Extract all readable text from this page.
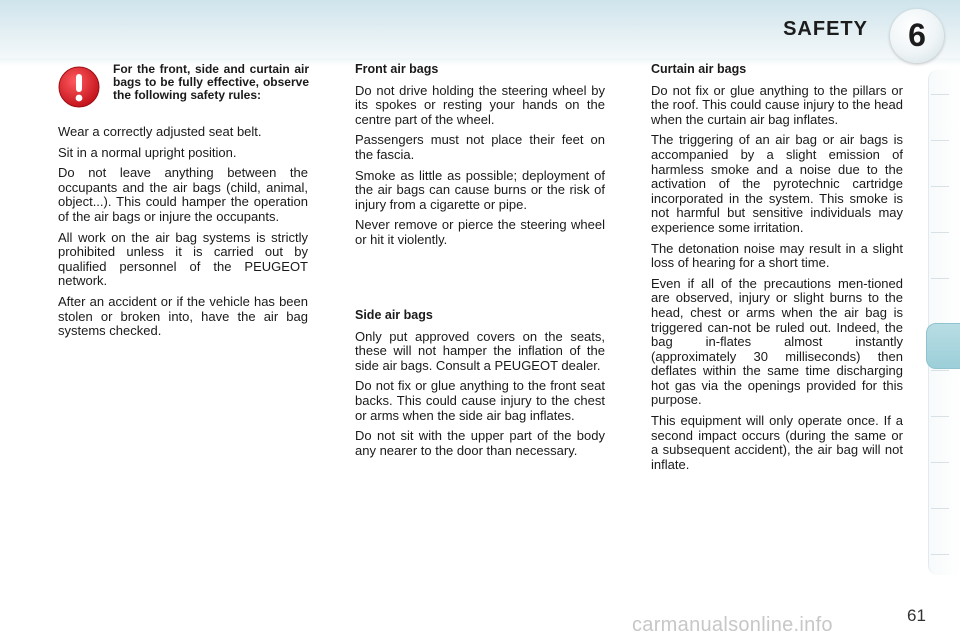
SAFETY	6
For the front, side and curtain air bags to be fully effective, observe the following safety rules:

Wear a correctly adjusted seat belt.

Sit in a normal upright position.

Do not leave anything between the occupants and the air bags (child, animal, object...). This could hamper the operation of the air bags or injure the occupants.

All work on the air bag systems is strictly prohibited unless it is carried out by qualified personnel of the PEUGEOT network.

After an accident or if the vehicle has been stolen or broken into, have the air bag systems checked.

Front air bags

Do not drive holding the steering wheel by its spokes or resting your hands on the centre part of the wheel.

Passengers must not place their feet on the fascia.

Smoke as little as possible; deployment of the air bags can cause burns or the risk of injury from a cigarette or pipe.

Never remove or pierce the steering wheel or hit it violently.

Side air bags

Only put approved covers on the seats, these will not hamper the inflation of the side air bags. Consult a PEUGEOT dealer.

Do not fix or glue anything to the front seat backs. This could cause injury to the chest or arms when the side air bag inflates.

Do not sit with the upper part of the body any nearer to the door than necessary.

Curtain air bags

Do not fix or glue anything to the pillars or the roof. This could cause injury to the head when the curtain air bag inflates.

The triggering of an air bag or air bags is accompanied by a slight emission of harmless smoke and a noise due to the activation of the pyrotechnic cartridge incorporated in the system. This smoke is not harmful but sensitive individuals may experience some irritation.

The detonation noise may result in a slight loss of hearing for a short time.

Even if all of the precautions men-tioned are observed, injury or slight burns to the head, chest or arms when the air bag is triggered can-not be ruled out. Indeed, the bag in-flates almost instantly (approximately 30 milliseconds) then deflates within the same time discharging hot gas via the openings provided for this purpose.

This equipment will only operate once. If a second impact occurs (during the same or a subsequent accident), the air bag will not inflate.

carmanualsonline.info	61
